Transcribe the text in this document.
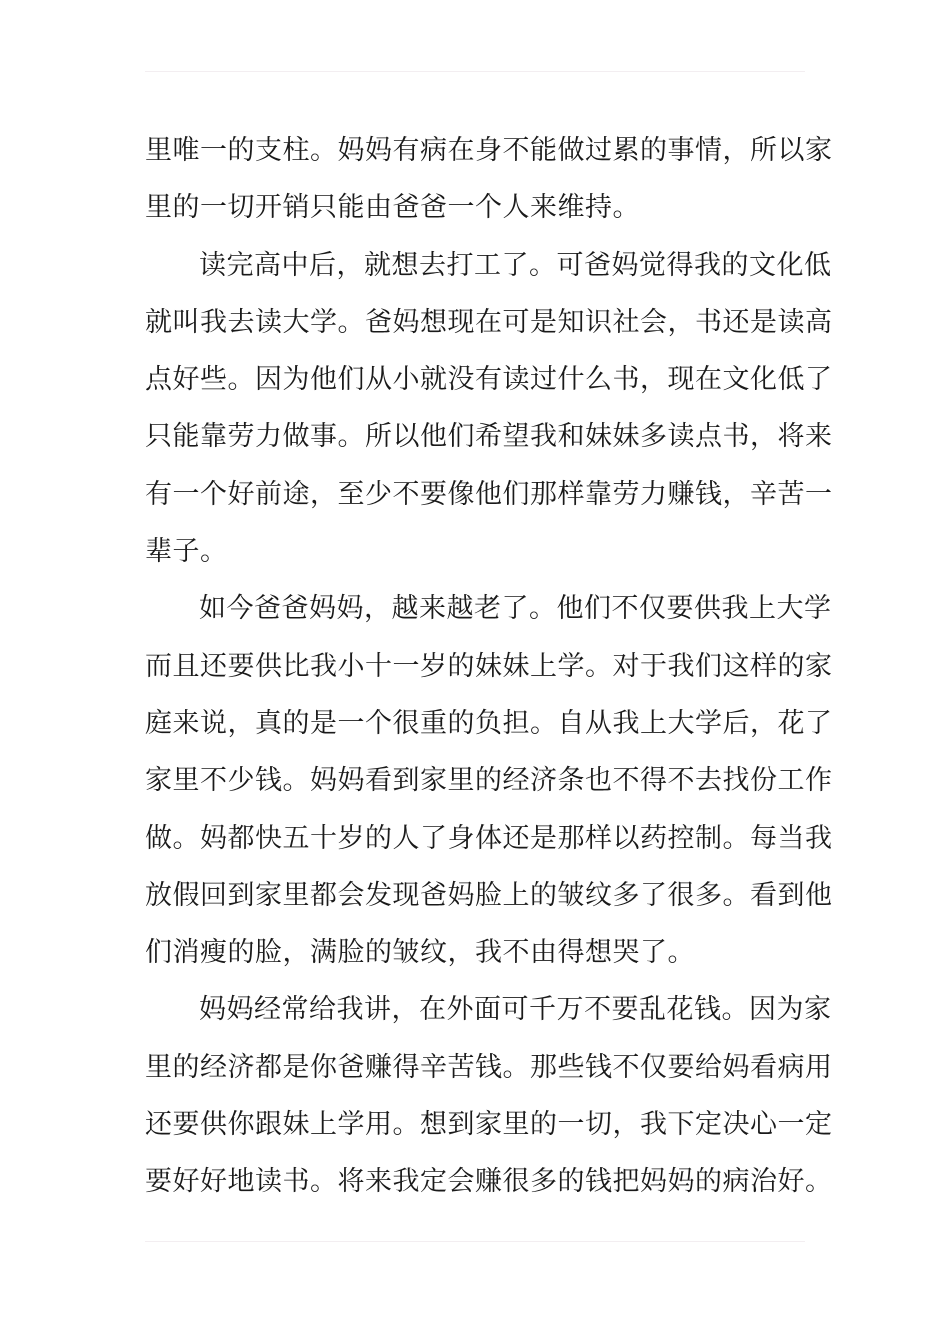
里唯一的支柱。妈妈有病在身不能做过累的事情，所以家
里的一切开销只能由爸爸一个人来维持。
读完高中后，就想去打工了。可爸妈觉得我的文化低
就叫我去读大学。爸妈想现在可是知识社会，书还是读高
点好些。因为他们从小就没有读过什么书，现在文化低了
只能靠劳力做事。所以他们希望我和妹妹多读点书，将来
有一个好前途，至少不要像他们那样靠劳力赚钱，辛苦一
辈子。
如今爸爸妈妈，越来越老了。他们不仅要供我上大学
而且还要供比我小十一岁的妹妹上学。对于我们这样的家
庭来说，真的是一个很重的负担。自从我上大学后，花了
家里不少钱。妈妈看到家里的经济条也不得不去找份工作
做。妈都快五十岁的人了身体还是那样以药控制。每当我
放假回到家里都会发现爸妈脸上的皱纹多了很多。看到他
们消瘦的脸，满脸的皱纹，我不由得想哭了。
妈妈经常给我讲，在外面可千万不要乱花钱。因为家
里的经济都是你爸赚得辛苦钱。那些钱不仅要给妈看病用
还要供你跟妹上学用。想到家里的一切，我下定决心一定
要好好地读书。将来我定会赚很多的钱把妈妈的病治好。
